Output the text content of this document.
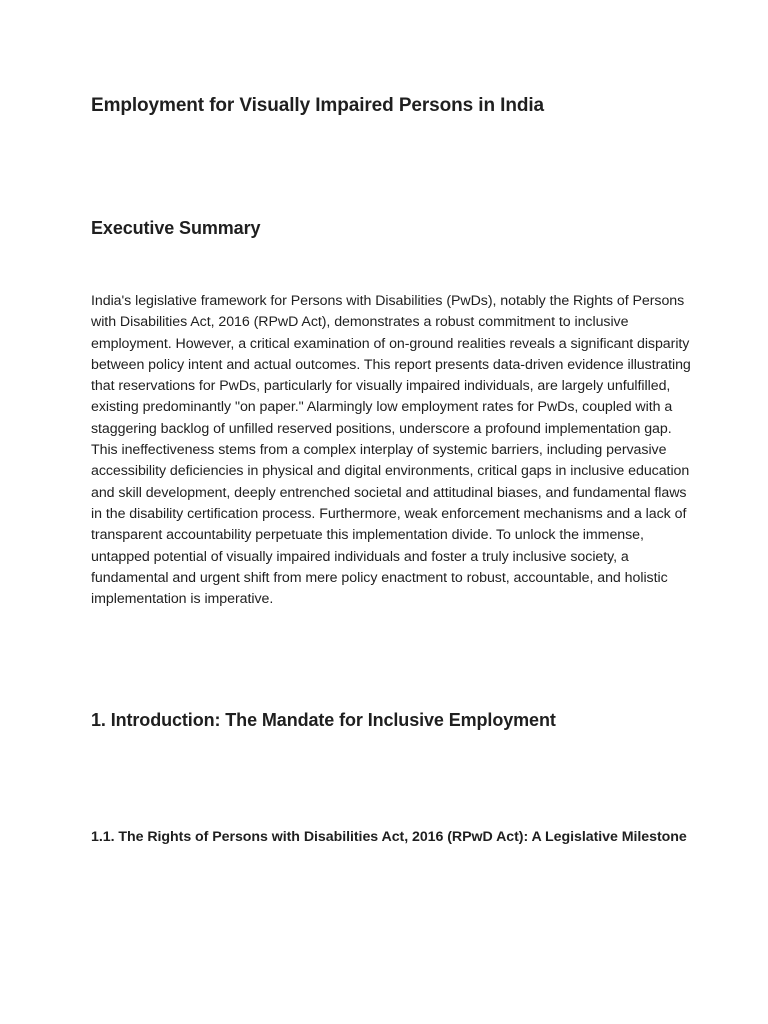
Employment for Visually Impaired Persons in India
Executive Summary

India's legislative framework for Persons with Disabilities (PwDs), notably the Rights of Persons with Disabilities Act, 2016 (RPwD Act), demonstrates a robust commitment to inclusive employment. However, a critical examination of on-ground realities reveals a significant disparity between policy intent and actual outcomes. This report presents data-driven evidence illustrating that reservations for PwDs, particularly for visually impaired individuals, are largely unfulfilled, existing predominantly "on paper." Alarmingly low employment rates for PwDs, coupled with a staggering backlog of unfilled reserved positions, underscore a profound implementation gap. This ineffectiveness stems from a complex interplay of systemic barriers, including pervasive accessibility deficiencies in physical and digital environments, critical gaps in inclusive education and skill development, deeply entrenched societal and attitudinal biases, and fundamental flaws in the disability certification process. Furthermore, weak enforcement mechanisms and a lack of transparent accountability perpetuate this implementation divide. To unlock the immense, untapped potential of visually impaired individuals and foster a truly inclusive society, a fundamental and urgent shift from mere policy enactment to robust, accountable, and holistic implementation is imperative.

1. Introduction: The Mandate for Inclusive Employment
1.1. The Rights of Persons with Disabilities Act, 2016 (RPwD Act): A Legislative Milestone
